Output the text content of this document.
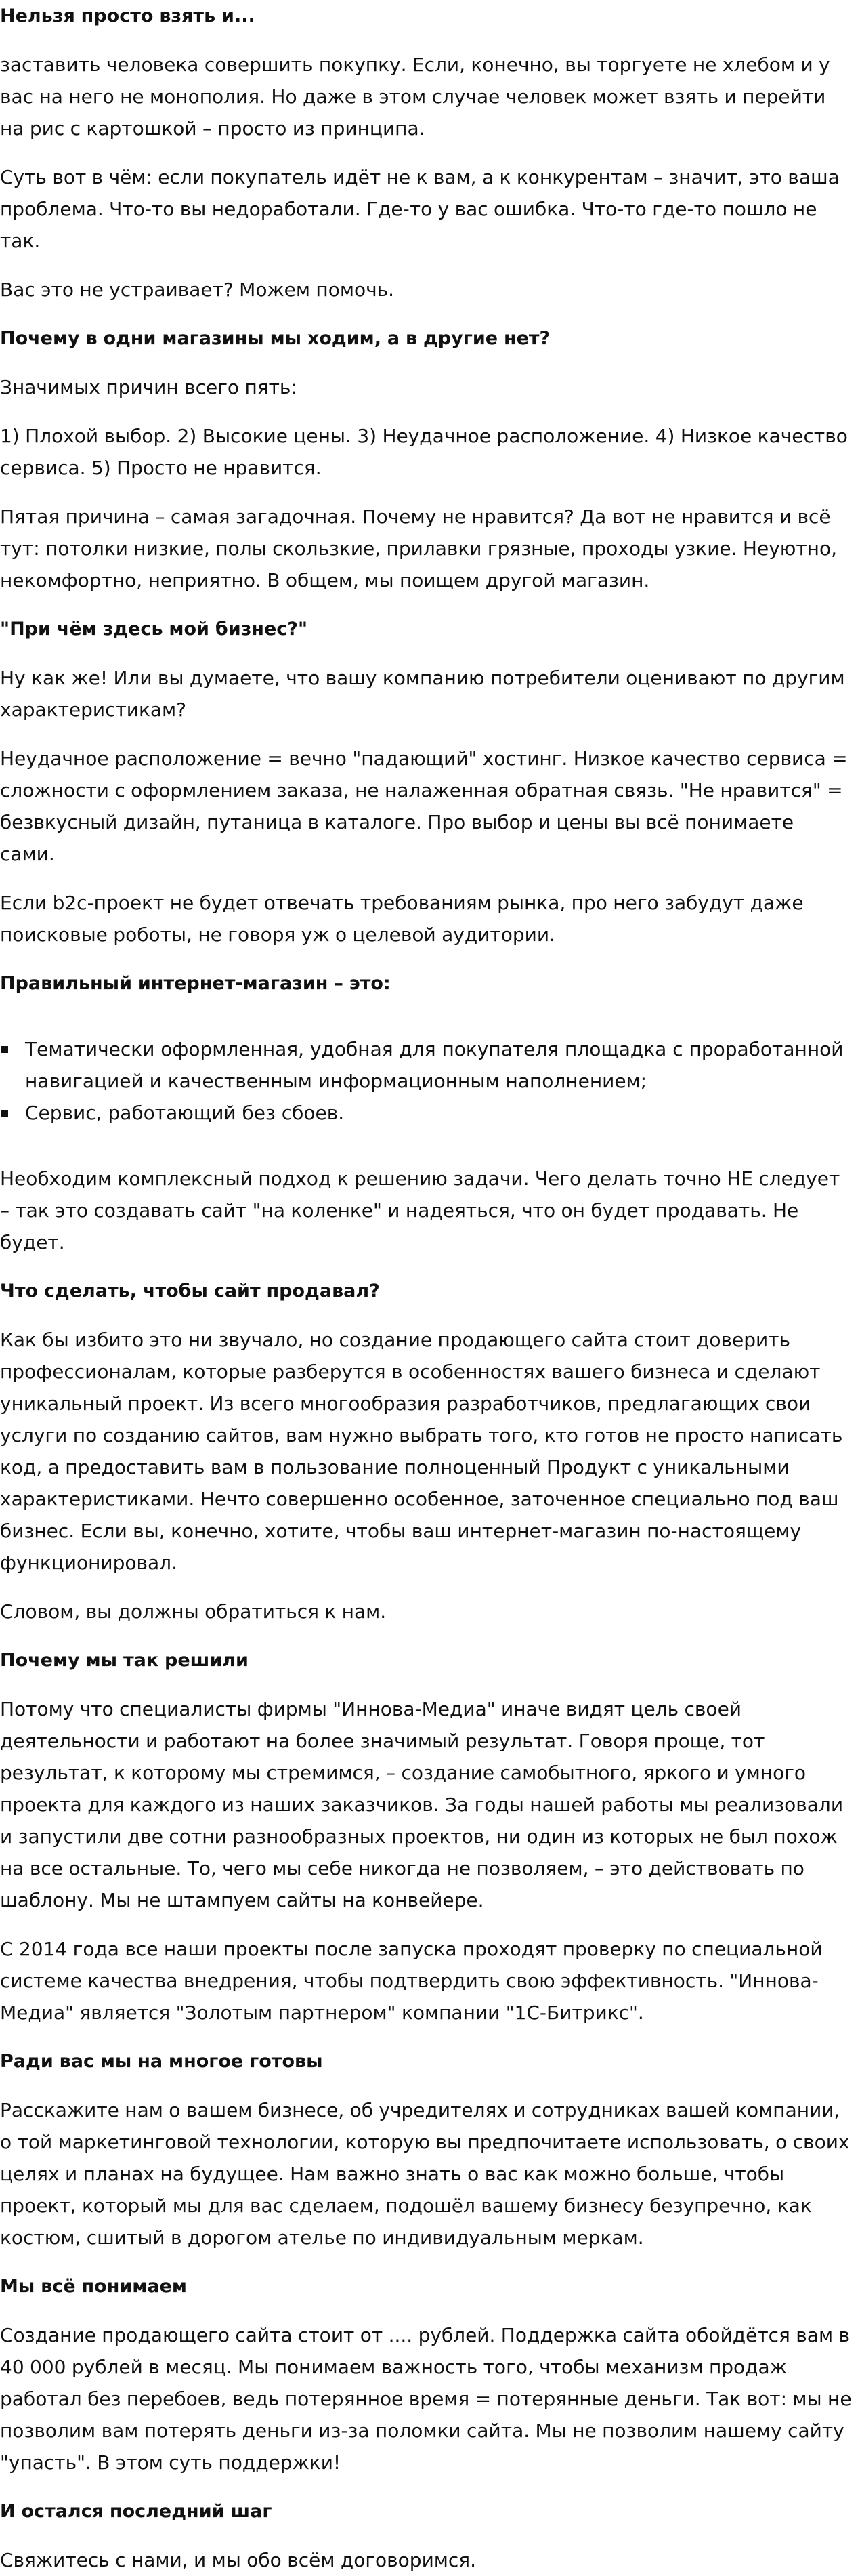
Нельзя просто взять и...

заставить человека совершить покупку. Если, конечно, вы торгуете не хлебом и у вас на него не монополия. Но даже в этом случае человек может взять и перейти на рис с картошкой – просто из принципа.

Суть вот в чём: если покупатель идёт не к вам, а к конкурентам – значит, это ваша проблема. Что-то вы недоработали. Где-то у вас ошибка. Что-то где-то пошло не так.

Вас это не устраивает? Можем помочь.

Почему в одни магазины мы ходим, а в другие нет?

Значимых причин всего пять:

1) Плохой выбор. 2) Высокие цены. 3) Неудачное расположение. 4) Низкое качество сервиса. 5) Просто не нравится.

Пятая причина – самая загадочная. Почему не нравится? Да вот не нравится и всё тут: потолки низкие, полы скользкие, прилавки грязные, проходы узкие. Неуютно, некомфортно, неприятно. В общем, мы поищем другой магазин.

"При чём здесь мой бизнес?"

Ну как же! Или вы думаете, что вашу компанию потребители оценивают по другим характеристикам?

Неудачное расположение = вечно "падающий" хостинг. Низкое качество сервиса = сложности с оформлением заказа, не налаженная обратная связь. "Не нравится" = безвкусный дизайн, путаница в каталоге. Про выбор и цены вы всё понимаете сами.

Если b2c-проект не будет отвечать требованиям рынка, про него забудут даже поисковые роботы, не говоря уж о целевой аудитории.

Правильный интернет-магазин – это:

Тематически оформленная, удобная для покупателя площадка с проработанной навигацией и качественным информационным наполнением;
Сервис, работающий без сбоев.

Необходим комплексный подход к решению задачи. Чего делать точно НЕ следует – так это создавать сайт "на коленке" и надеяться, что он будет продавать. Не будет.

Что сделать, чтобы сайт продавал?

Как бы избито это ни звучало, но создание продающего сайта стоит доверить профессионалам, которые разберутся в особенностях вашего бизнеса и сделают уникальный проект. Из всего многообразия разработчиков, предлагающих свои услуги по созданию сайтов, вам нужно выбрать того, кто готов не просто написать код, а предоставить вам в пользование полноценный Продукт с уникальными характеристиками. Нечто совершенно особенное, заточенное специально под ваш бизнес. Если вы, конечно, хотите, чтобы ваш интернет-магазин по-настоящему функционировал.

Словом, вы должны обратиться к нам.

Почему мы так решили

Потому что специалисты фирмы "Иннова-Медиа" иначе видят цель своей деятельности и работают на более значимый результат. Говоря проще, тот результат, к которому мы стремимся, – создание самобытного, яркого и умного проекта для каждого из наших заказчиков. За годы нашей работы мы реализовали и запустили две сотни разнообразных проектов, ни один из которых не был похож на все остальные. То, чего мы себе никогда не позволяем, – это действовать по шаблону. Мы не штампуем сайты на конвейере.

С 2014 года все наши проекты после запуска проходят проверку по специальной системе качества внедрения, чтобы подтвердить свою эффективность. "Иннова-Медиа" является "Золотым партнером" компании "1С-Битрикс".

Ради вас мы на многое готовы

Расскажите нам о вашем бизнесе, об учредителях и сотрудниках вашей компании, о той маркетинговой технологии, которую вы предпочитаете использовать, о своих целях и планах на будущее. Нам важно знать о вас как можно больше, чтобы проект, который мы для вас сделаем, подошёл вашему бизнесу безупречно, как костюм, сшитый в дорогом ателье по индивидуальным меркам.

Мы всё понимаем

Создание продающего сайта стоит от .... рублей. Поддержка сайта обойдётся вам в 40 000 рублей в месяц. Мы понимаем важность того, чтобы механизм продаж работал без перебоев, ведь потерянное время = потерянные деньги. Так вот: мы не позволим вам потерять деньги из-за поломки сайта. Мы не позволим нашему сайту "упасть". В этом суть поддержки!

И остался последний шаг

Свяжитесь с нами, и мы обо всём договоримся.
